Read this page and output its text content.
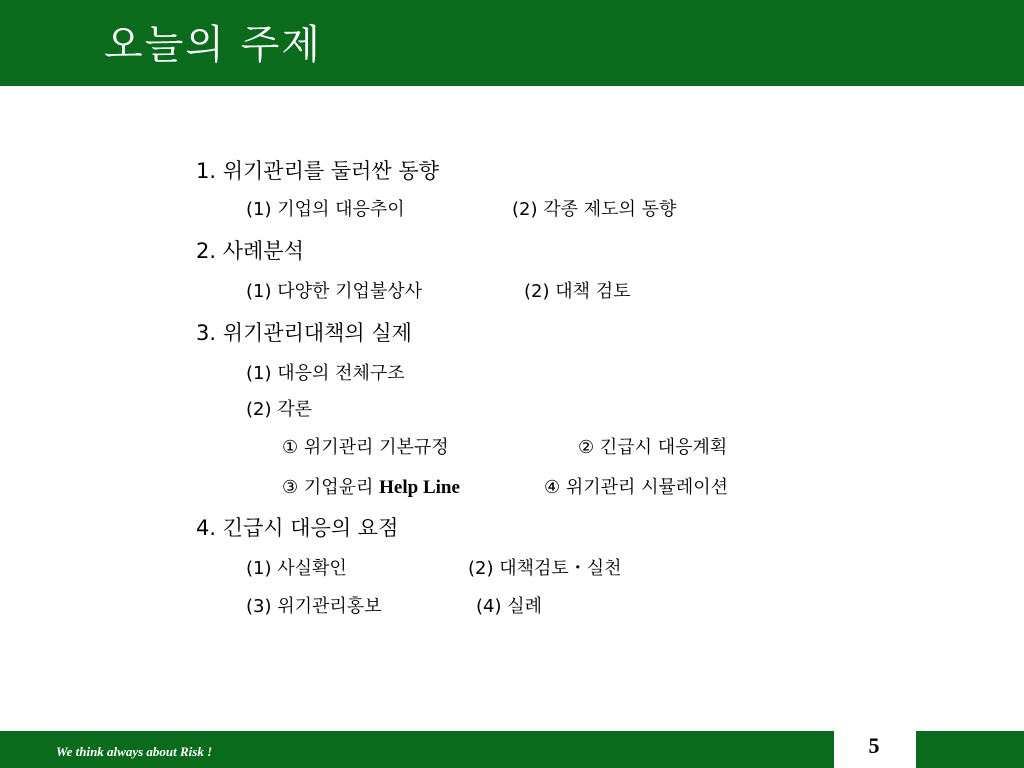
오늘의 주제
1. 위기관리를 둘러싼 동향
(1) 기업의 대응추이	(2) 각종 제도의 동향
2. 사례분석
(1) 다양한 기업불상사	(2) 대책 검토
3. 위기관리대책의 실제
(1) 대응의 전체구조
(2) 각론
① 위기관리 기본규정	② 긴급시 대응계획
③ 기업윤리 Help Line	④ 위기관리 시뮬레이션
4. 긴급시 대응의 요점
(1) 사실확인	(2) 대책검토・실천
(3) 위기관리홍보	(4) 실례
We think always about Risk !	5
